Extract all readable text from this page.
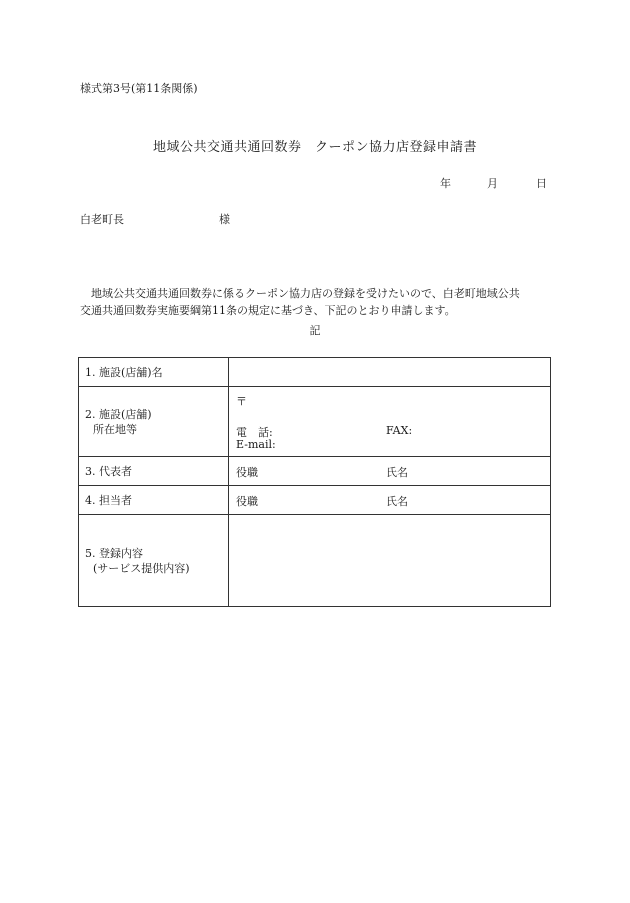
様式第3号(第11条関係)
地域公共交通共通回数券　クーポン協力店登録申請書
年	月	日
白老町長	様

地域公共交通共通回数券に係るクーポン協力店の登録を受けたいので、白老町地域公共

交通共通回数券実施要綱第11条の規定に基づき、下記のとおり申請します。

記
1. 施設(店舗)名	

2. 施設(店舗)
所在地等	〒
電　話: FAX:
E-mail:

3. 代表者	役職 氏名

4. 担当者	役職 氏名

5. 登録内容
(サービス提供内容)	
